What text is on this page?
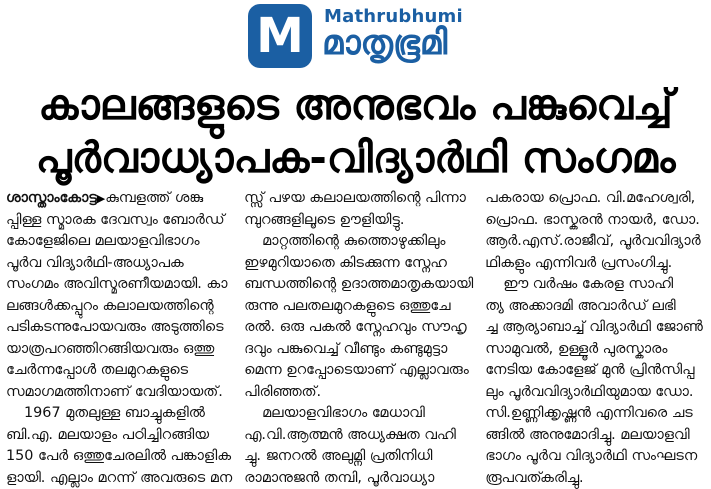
M Mathrubhumi
മാതൃഭൂമി
കാലങ്ങളുടെ അനുഭവം പങ്കുവെച്ച്
പൂർവാധ്യാപക-വിദ്യാർഥി സംഗമം
ശാസ്താംകോട്ട▶കുമ്പളത്ത് ശങ്കു
പ്പിള്ള സ്മാരക ദേവസ്വം ബോർഡ്
കോളേജിലെ മലയാളവിഭാഗം
പൂർവ വിദ്യാർഥി-അധ്യാപക
സംഗമം അവിസ്മരണീയമായി. കാ
ലങ്ങൾക്കപ്പുറം കലാലയത്തിന്റെ
പടികടന്നുപോയവരും അടുത്തിടെ
യാത്രപറഞ്ഞിറങ്ങിയവരും ഒത്തു
ചേർന്നപ്പോൾ തലമുറകളുടെ
സമാഗമത്തിനാണ് വേദിയായത്.
1967 മുതലുള്ള ബാച്ചുകളിൽ
ബി.എ. മലയാളം പഠിച്ചിറങ്ങിയ
150 പേർ ഒത്തുചേരലിൽ പങ്കാളിക
ളായി. എല്ലാം മറന്ന് അവരുടെ മന
സ്സ് പഴയ കലാലയത്തിന്റെ പിന്നാ
മ്പുറങ്ങളിലൂടെ ഊളിയിട്ടു.
മാറ്റത്തിന്റെ കുത്തൊഴുക്കിലും
ഇഴമുറിയാതെ കിടക്കുന്ന സ്നേഹ
ബന്ധത്തിന്റെ ഉദാത്തമാതൃകയായി
രുന്നു പലതലമുറകളുടെ ഒത്തുചേ
രൽ. ഒരു പകൽ സ്നേഹവും സൗഹൃ
ദവും പങ്കുവെച്ച് വീണ്ടും കണ്ടുമുട്ടാ
മെന്ന ഉറപ്പോടെയാണ് എല്ലാവരും
പിരിഞ്ഞത്.
മലയാളവിഭാഗം മേധാവി
എ.വി.ആത്മൻ അധ്യക്ഷത വഹി
ച്ചു. ജനറൽ അലുമ്നി പ്രതിനിധി
രാമാനുജൻ തമ്പി, പൂർവാധ്യാ
പകരായ പ്രൊഫ. വി.മഹേശ്വരി,
പ്രൊഫ. ഭാസ്കരൻ നായർ, ഡോ.
ആർ.എസ്.രാജീവ്, പൂർവവിദ്യാർ
ഥികളും എന്നിവർ പ്രസംഗിച്ചു.
ഈ വർഷം കേരള സാഹി
ത്യ അക്കാദമി അവാർഡ് ലഭി
ച്ച ആര്യാബാച്ച് വിദ്യാർഥി ജോൺ
സാമുവൽ, ഉള്ളൂർ പുരസ്കാരം
നേടിയ കോളേജ് മുൻ പ്രിൻസിപ്പ
ലും പൂർവവിദ്യാർഥിയുമായ ഡോ.
സി.ഉണ്ണിക്കൃഷ്ണൻ എന്നിവരെ ചട
ങ്ങിൽ അനുമോദിച്ചു. മലയാളവി
ഭാഗം പൂർവ വിദ്യാർഥി സംഘടന
രൂപവത്കരിച്ചു.
